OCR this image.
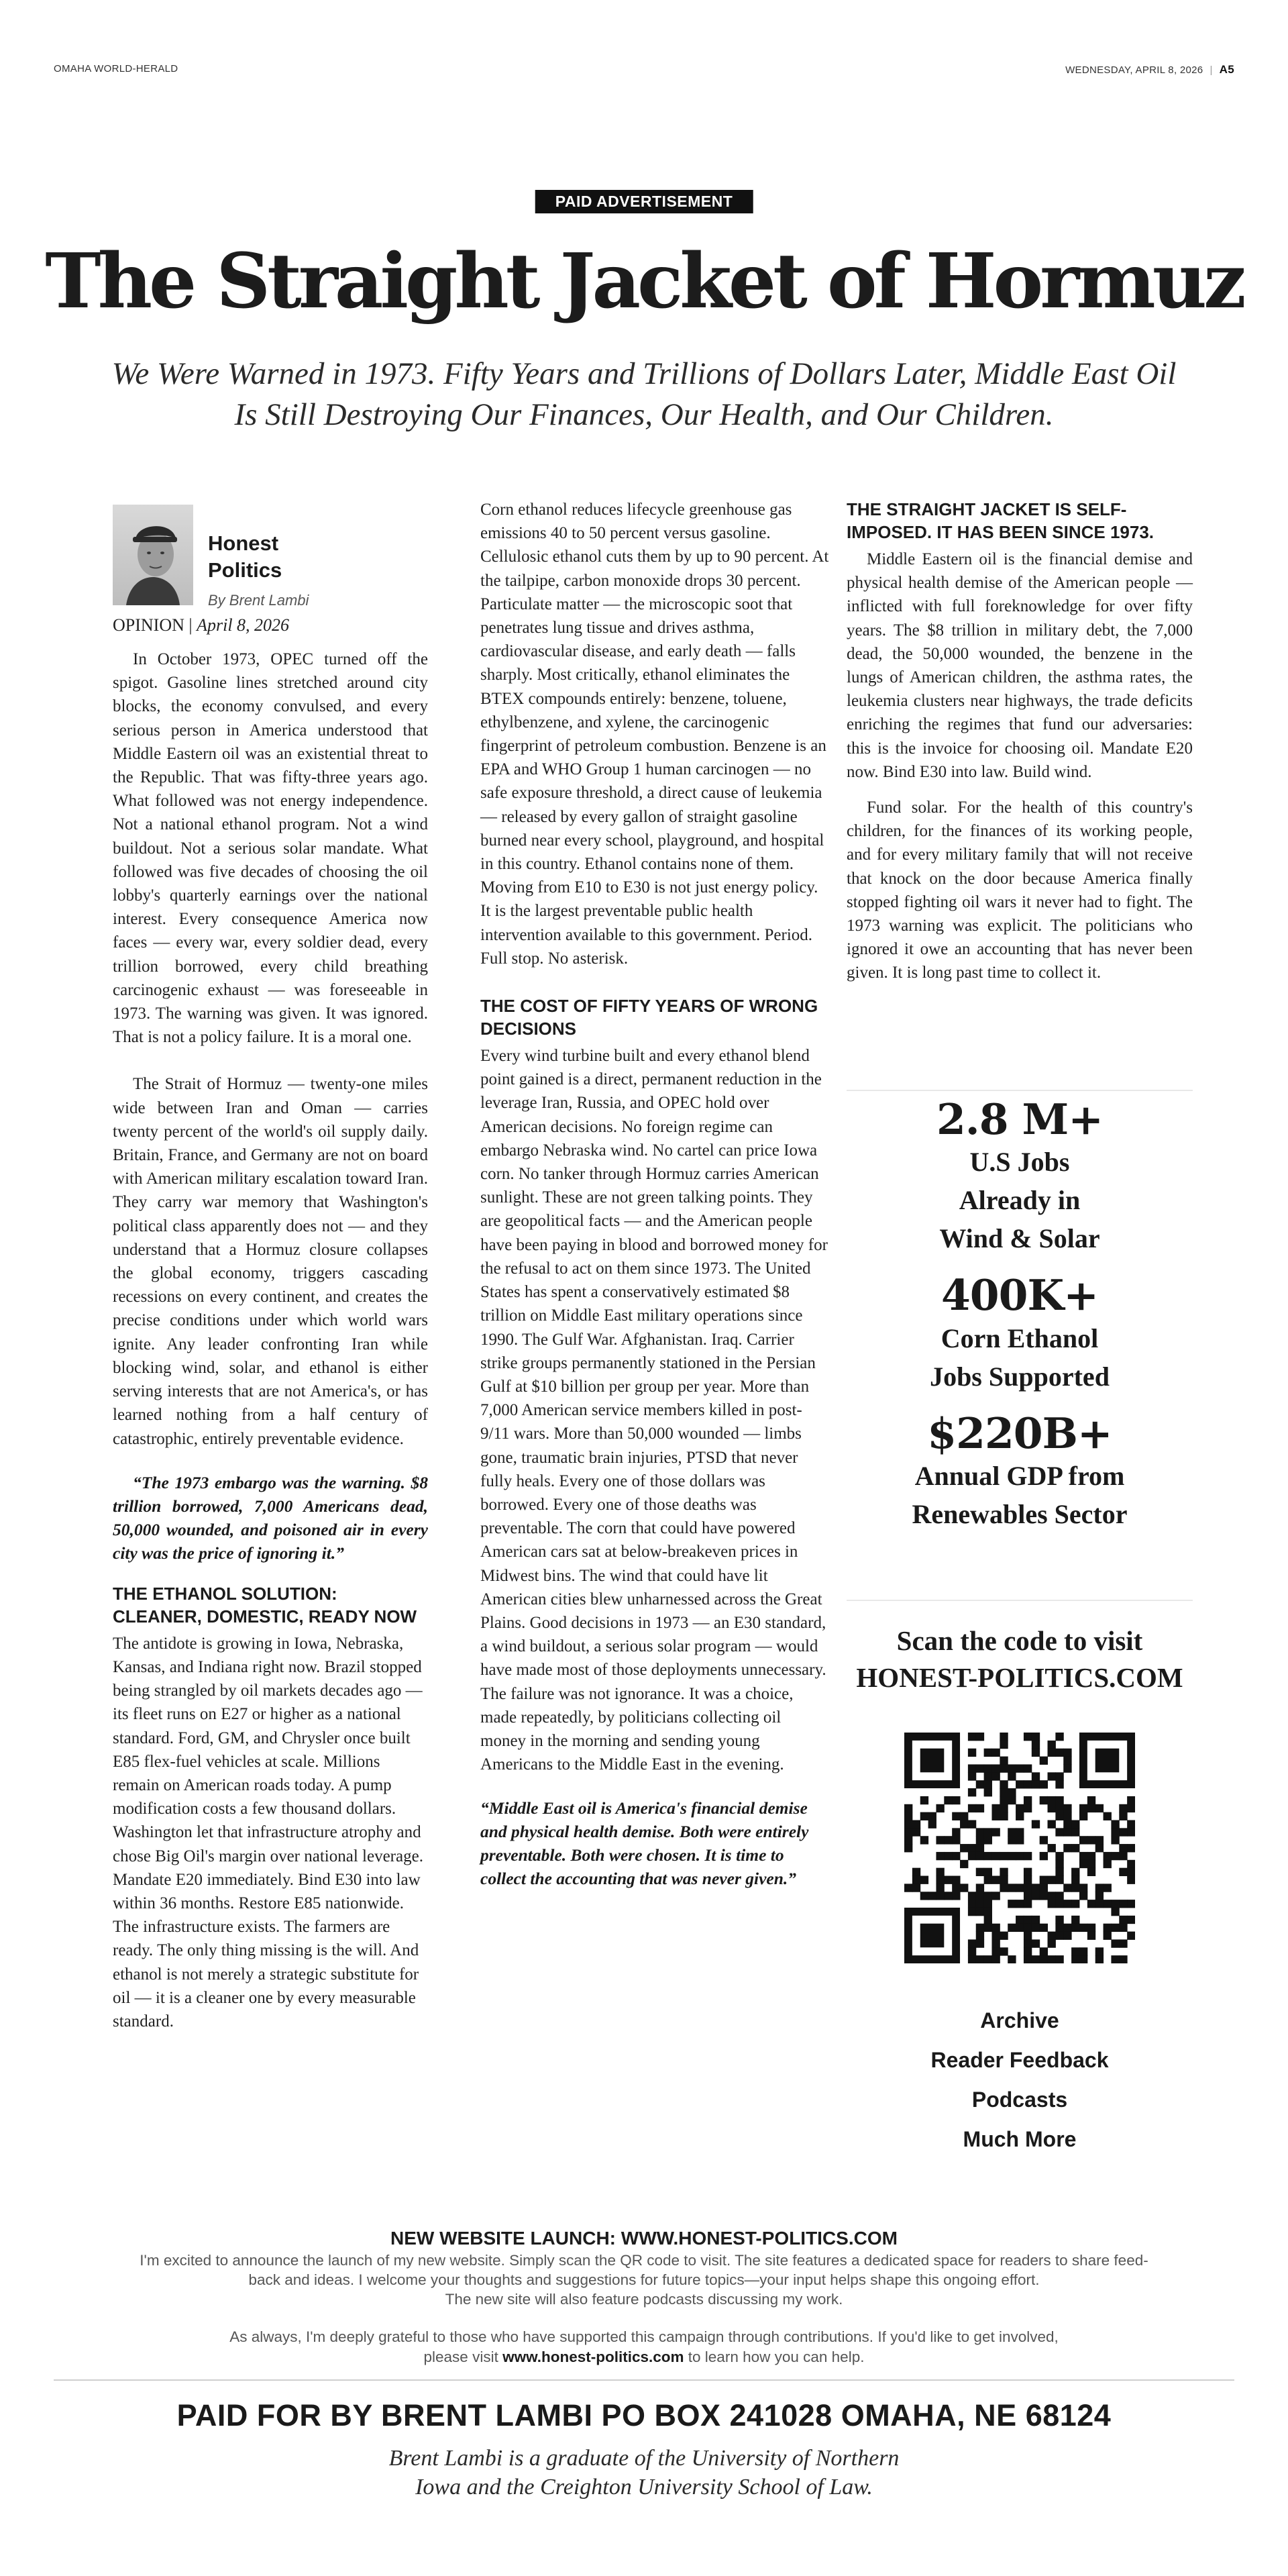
OMAHA WORLD-HERALD	WEDNESDAY, APRIL 8, 2026 | A5
PAID ADVERTISEMENT
The Straight Jacket of Hormuz
We Were Warned in 1973. Fifty Years and Trillions of Dollars Later, Middle East Oil Is Still Destroying Our Finances, Our Health, and Our Children.
Honest Politics
By Brent Lambi
OPINION | April 8, 2026

In October 1973, OPEC turned off the spigot. Gasoline lines stretched around city blocks, the economy convulsed, and every serious person in America understood that Middle Eastern oil was an existential threat to the Republic. That was fifty-three years ago. What followed was not energy independence. Not a national ethanol program. Not a wind buildout. Not a serious solar mandate. What followed was five decades of choosing the oil lobby's quarterly earnings over the national interest. Every consequence America now faces — every war, every soldier dead, every trillion borrowed, every child breathing carcinogenic exhaust — was foreseeable in 1973. The warning was given. It was ignored. That is not a policy failure. It is a moral one.

The Strait of Hormuz — twenty-one miles wide between Iran and Oman — carries twenty percent of the world's oil supply daily. Britain, France, and Germany are not on board with American military escalation toward Iran. They carry war memory that Washington's political class apparently does not — and they understand that a Hormuz closure collapses the global economy, triggers cascading recessions on every continent, and creates the precise conditions under which world wars ignite. Any leader confronting Iran while blocking wind, solar, and ethanol is either serving interests that are not America's, or has learned nothing from a half century of catastrophic, entirely preventable evidence.

“The 1973 embargo was the warning. $8 trillion borrowed, 7,000 Americans dead, 50,000 wounded, and poisoned air in every city was the price of ignoring it.”

THE ETHANOL SOLUTION: CLEANER, DOMESTIC, READY NOW

The antidote is growing in Iowa, Nebraska, Kansas, and Indiana right now. Brazil stopped being strangled by oil markets decades ago — its fleet runs on E27 or higher as a national standard. Ford, GM, and Chrysler once built E85 flex-fuel vehicles at scale. Millions remain on American roads today. A pump modification costs a few thousand dollars. Washington let that infrastructure atrophy and chose Big Oil's margin over national leverage. Mandate E20 immediately. Bind E30 into law within 36 months. Restore E85 nationwide. The infrastructure exists. The farmers are ready. The only thing missing is the will. And ethanol is not merely a strategic substitute for oil — it is a cleaner one by every measurable standard.

Corn ethanol reduces lifecycle greenhouse gas emissions 40 to 50 percent versus gasoline. Cellulosic ethanol cuts them by up to 90 percent. At the tailpipe, carbon monoxide drops 30 percent. Particulate matter — the microscopic soot that penetrates lung tissue and drives asthma, cardiovascular disease, and early death — falls sharply. Most critically, ethanol eliminates the BTEX compounds entirely: benzene, toluene, ethylbenzene, and xylene, the carcinogenic fingerprint of petroleum combustion. Benzene is an EPA and WHO Group 1 human carcinogen — no safe exposure threshold, a direct cause of leukemia — released by every gallon of straight gasoline burned near every school, playground, and hospital in this country. Ethanol contains none of them. Moving from E10 to E30 is not just energy policy. It is the largest preventable public health intervention available to this government. Period. Full stop. No asterisk.

THE COST OF FIFTY YEARS OF WRONG DECISIONS

Every wind turbine built and every ethanol blend point gained is a direct, permanent reduction in the leverage Iran, Russia, and OPEC hold over American decisions. No foreign regime can embargo Nebraska wind. No cartel can price Iowa corn. No tanker through Hormuz carries American sunlight. These are not green talking points. They are geopolitical facts — and the American people have been paying in blood and borrowed money for the refusal to act on them since 1973. The United States has spent a conservatively estimated $8 trillion on Middle East military operations since 1990. The Gulf War. Afghanistan. Iraq. Carrier strike groups permanently stationed in the Persian Gulf at $10 billion per group per year. More than 7,000 American service members killed in post-9/11 wars. More than 50,000 wounded — limbs gone, traumatic brain injuries, PTSD that never fully heals. Every one of those dollars was borrowed. Every one of those deaths was preventable. The corn that could have powered American cars sat at below-breakeven prices in Midwest bins. The wind that could have lit American cities blew unharnessed across the Great Plains. Good decisions in 1973 — an E30 standard, a wind buildout, a serious solar program — would have made most of those deployments unnecessary. The failure was not ignorance. It was a choice, made repeatedly, by politicians collecting oil money in the morning and sending young Americans to the Middle East in the evening.

“Middle East oil is America's financial demise and physical health demise. Both were entirely preventable. Both were chosen. It is time to collect the accounting that was never given.”

THE STRAIGHT JACKET IS SELF-IMPOSED. IT HAS BEEN SINCE 1973.

Middle Eastern oil is the financial demise and physical health demise of the American people — inflicted with full foreknowledge for over fifty years. The $8 trillion in military debt, the 7,000 dead, the 50,000 wounded, the benzene in the lungs of American children, the asthma rates, the leukemia clusters near highways, the trade deficits enriching the regimes that fund our adversaries: this is the invoice for choosing oil. Mandate E20 now. Bind E30 into law. Build wind.

Fund solar. For the health of this country's children, for the finances of its working people, and for every military family that will not receive that knock on the door because America finally stopped fighting oil wars it never had to fight. The 1973 warning was explicit. The politicians who ignored it owe an accounting that has never been given. It is long past time to collect it.

2.8 M+
U.S Jobs
Already in
Wind & Solar
400K+
Corn Ethanol
Jobs Supported
$220B+
Annual GDP from
Renewables Sector
Scan the code to visit
HONEST-POLITICS.COM
Archive
Reader Feedback
Podcasts
Much More
NEW WEBSITE LAUNCH: WWW.HONEST-POLITICS.COM
I'm excited to announce the launch of my new website. Simply scan the QR code to visit. The site features a dedicated space for readers to share feed-
back and ideas. I welcome your thoughts and suggestions for future topics—your input helps shape this ongoing effort.
The new site will also feature podcasts discussing my work.
As always, I'm deeply grateful to those who have supported this campaign through contributions. If you'd like to get involved, please visit www.honest-politics.com to learn how you can help.
PAID FOR BY BRENT LAMBI PO BOX 241028 OMAHA, NE 68124
Brent Lambi is a graduate of the University of Northern
Iowa and the Creighton University School of Law.
